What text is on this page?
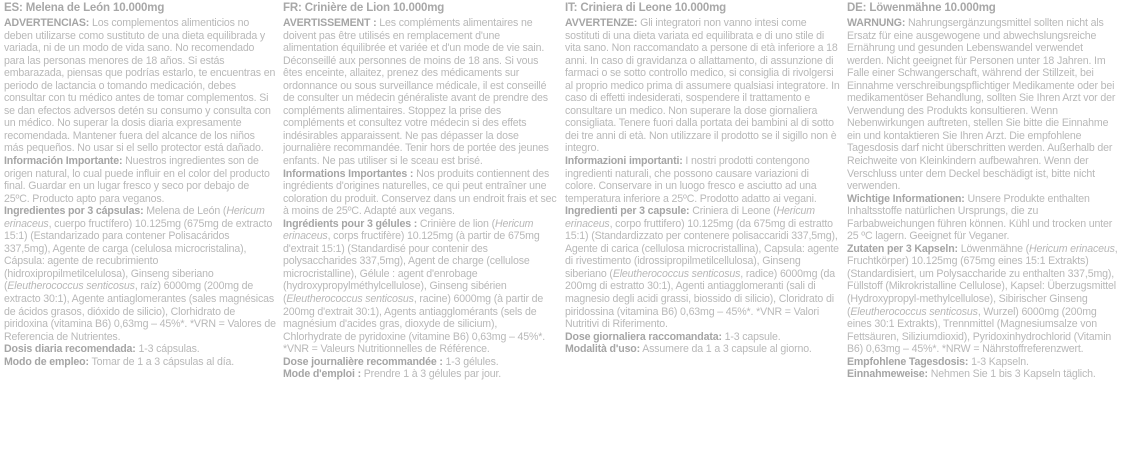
ES: Melena de León 10.000mg
ADVERTENCIAS: Los complementos alimenticios no deben utilizarse como sustituto de una dieta equilibrada y variada, ni de un modo de vida sano. No recomendado para las personas menores de 18 años. Si estás embarazada, piensas que podrías estarlo, te encuentras en periodo de lactancia o tomando medicación, debes consultar con tu médico antes de tomar complementos. Si se dan efectos adversos detén su consumo y consulta con un médico. No superar la dosis diaria expresamente recomendada. Mantener fuera del alcance de los niños más pequeños. No usar si el sello protector está dañado.
Información Importante: Nuestros ingredientes son de origen natural, lo cual puede influir en el color del producto final. Guardar en un lugar fresco y seco por debajo de 25ºC. Producto apto para veganos.
Ingredientes por 3 cápsulas: Melena de León (Hericum erinaceus, cuerpo fructífero) 10.125mg (675mg de extracto 15:1) (Estandarizado para contener Polisacáridos 337,5mg), Agente de carga (celulosa microcristalina), Cápsula: agente de recubrimiento (hidroxipropilmetilcelulosa), Ginseng siberiano (Eleutherococcus senticosus, raíz) 6000mg (200mg de extracto 30:1), Agente antiaglomerantes (sales magnésicas de ácidos grasos, dióxido de silicio), Clorhidrato de piridoxina (vitamina B6) 0,63mg – 45%*. *VRN = Valores de Referencia de Nutrientes.
Dosis diaria recomendada: 1-3 cápsulas.
Modo de empleo: Tomar de 1 a 3 cápsulas al día.
FR: Crinière de Lion 10.000mg
AVERTISSEMENT : Les compléments alimentaires ne doivent pas être utilisés en remplacement d'une alimentation équilibrée et variée et d'un mode de vie sain. Déconseillé aux personnes de moins de 18 ans. Si vous êtes enceinte, allaitez, prenez des médicaments sur ordonnance ou sous surveillance médicale, il est conseillé de consulter un médecin généraliste avant de prendre des compléments alimentaires. Stoppez la prise des compléments et consultez votre médecin si des effets indésirables apparaissent. Ne pas dépasser la dose journalière recommandée. Tenir hors de portée des jeunes enfants. Ne pas utiliser si le sceau est brisé.
Informations Importantes : Nos produits contiennent des ingrédients d'origines naturelles, ce qui peut entraîner une coloration du produit. Conservez dans un endroit frais et sec à moins de 25ºC. Adapté aux vegans.
Ingrédients pour 3 gélules : Crinière de lion (Hericum erinaceus, corps fructifère) 10.125mg (à partir de 675mg d'extrait 15:1) (Standardisé pour contenir des polysaccharides 337,5mg), Agent de charge (cellulose microcristalline), Gélule : agent d'enrobage (hydroxypropylméthylcellulose), Ginseng sibérien (Eleutherococcus senticosus, racine) 6000mg (à partir de 200mg d'extrait 30:1), Agents antiagglomérants (sels de magnésium d'acides gras, dioxyde de silicium), Chlorhydrate de pyridoxine (vitamine B6) 0,63mg – 45%*. *VNR = Valeurs Nutritionnelles de Référence.
Dose journalière recommandée : 1-3 gélules.
Mode d'emploi : Prendre 1 à 3 gélules par jour.
IT: Criniera di Leone 10.000mg
AVVERTENZE: Gli integratori non vanno intesi come sostituti di una dieta variata ed equilibrata e di uno stile di vita sano. Non raccomandato a persone di età inferiore a 18 anni. In caso di gravidanza o allattamento, di assunzione di farmaci o se sotto controllo medico, si consiglia di rivolgersi al proprio medico prima di assumere qualsiasi integratore. In caso di effetti indesiderati, sospendere il trattamento e consultare un medico. Non superare la dose giornaliera consigliata. Tenere fuori dalla portata dei bambini al di sotto dei tre anni di età. Non utilizzare il prodotto se il sigillo non è integro.
Informazioni importanti: I nostri prodotti contengono ingredienti naturali, che possono causare variazioni di colore. Conservare in un luogo fresco e asciutto ad una temperatura inferiore a 25ºC. Prodotto adatto ai vegani.
Ingredienti per 3 capsule: Criniera di Leone (Hericum erinaceus, corpo fruttifero) 10.125mg (da 675mg di estratto 15:1) (Standardizzato per contenere polisaccaridi 337,5mg), Agente di carica (cellulosa microcristallina), Capsula: agente di rivestimento (idrossipropilmetilcellulosa), Ginseng siberiano (Eleutherococcus senticosus, radice) 6000mg (da 200mg di estratto 30:1), Agenti antiagglomeranti (sali di magnesio degli acidi grassi, biossido di silicio), Cloridrato di piridossina (vitamina B6) 0,63mg – 45%*. *VNR = Valori Nutritivi di Riferimento.
Dose giornaliera raccomandata: 1-3 capsule.
Modalità d'uso: Assumere da 1 a 3 capsule al giorno.
DE: Löwenmähne 10.000mg
WARNUNG: Nahrungsergänzungsmittel sollten nicht als Ersatz für eine ausgewogene und abwechslungsreiche Ernährung und gesunden Lebenswandel verwendet werden. Nicht geeignet für Personen unter 18 Jahren. Im Falle einer Schwangerschaft, während der Stillzeit, bei Einnahme verschreibungspflichtiger Medikamente oder bei medikamentöser Behandlung, sollten Sie Ihren Arzt vor der Verwendung des Produkts konsultieren. Wenn Nebenwirkungen auftreten, stellen Sie bitte die Einnahme ein und kontaktieren Sie Ihren Arzt. Die empfohlene Tagesdosis darf nicht überschritten werden. Außerhalb der Reichweite von Kleinkindern aufbewahren. Wenn der Verschluss unter dem Deckel beschädigt ist, bitte nicht verwenden.
Wichtige Informationen: Unsere Produkte enthalten Inhaltsstoffe natürlichen Ursprungs, die zu Farbabweichungen führen können. Kühl und trocken unter 25 ºC lagern. Geeignet für Veganer.
Zutaten per 3 Kapseln: Löwenmähne (Hericum erinaceus, Fruchtkörper) 10.125mg (675mg eines 15:1 Extrakts) (Standardisiert, um Polysaccharide zu enthalten 337,5mg), Füllstoff (Mikrokristalline Cellulose), Kapsel: Überzugsmittel (Hydroxypropyl-methylcellulose), Sibirischer Ginseng (Eleutherococcus senticosus, Wurzel) 6000mg (200mg eines 30:1 Extrakts), Trennmittel (Magnesiumsalze von Fettsäuren, Siliziumdioxid), Pyridoxinhydrochlorid (Vitamin B6) 0,63mg – 45%*. *NRW = Nährstoffreferenzwert.
Empfohlene Tagesdosis: 1-3 Kapseln.
Einnahmeweise: Nehmen Sie 1 bis 3 Kapseln täglich.
